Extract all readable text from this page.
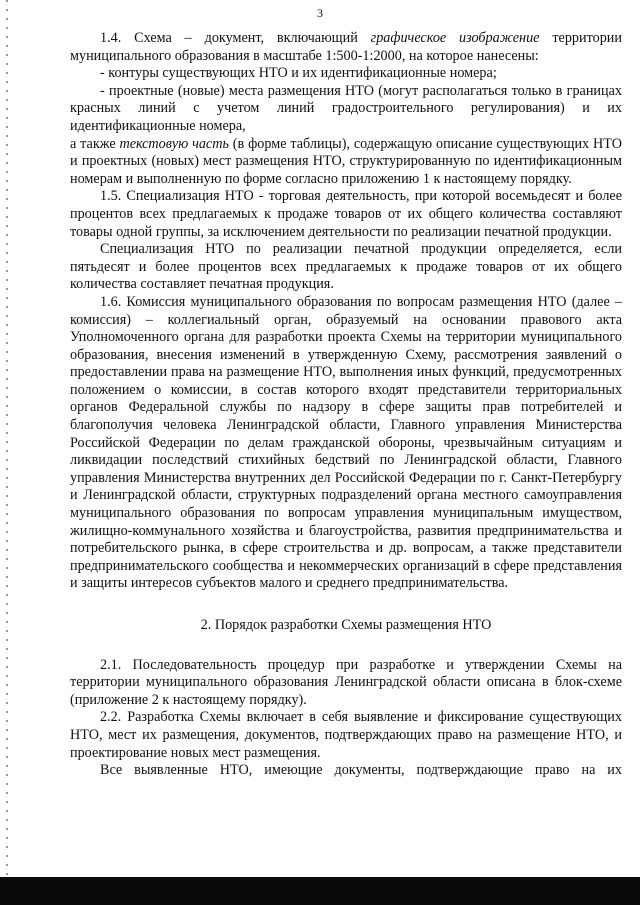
3

1.4. Схема – документ, включающий графическое изображение территории муниципального образования в масштабе 1:500-1:2000, на которое нанесены:

- контуры существующих НТО и их идентификационные номера;

- проектные (новые) места размещения НТО (могут располагаться только в границах красных линий с учетом линий градостроительного регулирования) и их идентификационные номера,

а также текстовую часть (в форме таблицы), содержащую описание существующих НТО и проектных (новых) мест размещения НТО, структурированную по идентификационным номерам и выполненную по форме согласно приложению 1 к настоящему порядку.

1.5. Специализация НТО - торговая деятельность, при которой восемьдесят и более процентов всех предлагаемых к продаже товаров от их общего количества составляют товары одной группы, за исключением деятельности по реализации печатной продукции.

Специализация НТО по реализации печатной продукции определяется, если пятьдесят и более процентов всех предлагаемых к продаже товаров от их общего количества составляет печатная продукция.

1.6. Комиссия муниципального образования по вопросам размещения НТО (далее – комиссия) – коллегиальный орган, образуемый на основании правового акта Уполномоченного органа для разработки проекта Схемы на территории муниципального образования, внесения изменений в утвержденную Схему, рассмотрения заявлений о предоставлении права на размещение НТО, выполнения иных функций, предусмотренных положением о комиссии, в состав которого входят представители территориальных органов Федеральной службы по надзору в сфере защиты прав потребителей и благополучия человека Ленинградской области, Главного управления Министерства Российской Федерации по делам гражданской обороны, чрезвычайным ситуациям и ликвидации последствий стихийных бедствий по Ленинградской области, Главного управления Министерства внутренних дел Российской Федерации по г. Санкт-Петербургу и Ленинградской области, структурных подразделений органа местного самоуправления муниципального образования по вопросам управления муниципальным имуществом, жилищно-коммунального хозяйства и благоустройства, развития предпринимательства и потребительского рынка, в сфере строительства и др. вопросам, а также представители предпринимательского сообщества и некоммерческих организаций в сфере представления и защиты интересов субъектов малого и среднего предпринимательства.

2. Порядок разработки Схемы размещения НТО

2.1. Последовательность процедур при разработке и утверждении Схемы на территории муниципального образования Ленинградской области описана в блок-схеме (приложение 2 к настоящему порядку).

2.2. Разработка Схемы включает в себя выявление и фиксирование существующих НТО, мест их размещения, документов, подтверждающих право на размещение НТО, и проектирование новых мест размещения.

Все выявленные НТО, имеющие документы, подтверждающие право на их
